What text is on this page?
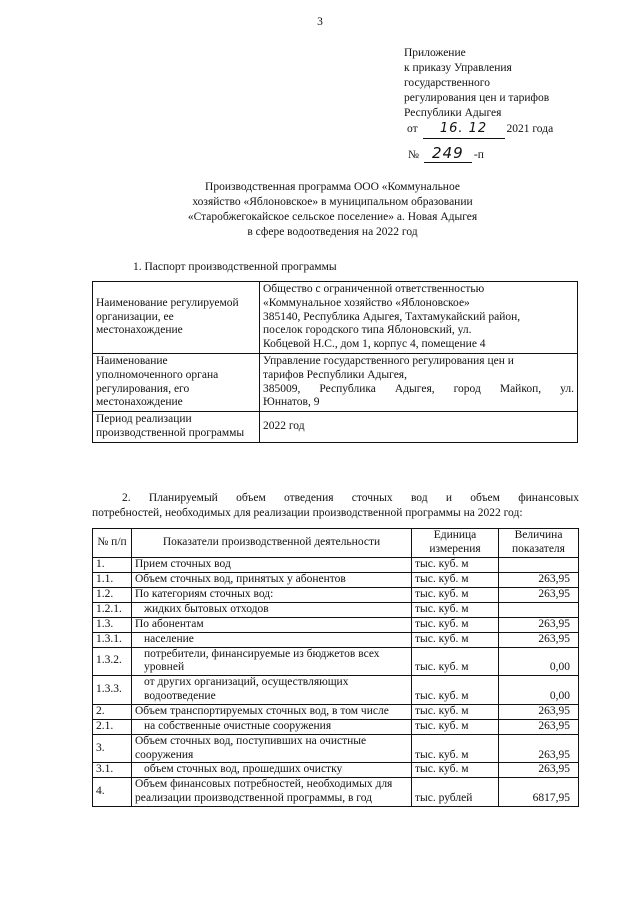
3
Приложение
к приказу Управления
государственного
регулирования цен и тарифов
Республики Адыгея
от 16. 12 2021 года
№ 249 -п
Производственная программа ООО «Коммунальное
хозяйство «Яблоновское» в муниципальном образовании
«Старобжегокайское сельское поселение» а. Новая Адыгея
в сфере водоотведения на 2022 год
1. Паспорт производственной программы
Наименование регулируемой организации, ее местонахождение	Общество с ограниченной ответственностью
«Коммунальное хозяйство «Яблоновское»
385140, Республика Адыгея, Тахтамукайский район,
поселок городского типа Яблоновский, ул.
Кобцевой Н.С., дом 1, корпус 4, помещение 4

Наименование уполномоченного органа регулирования, его местонахождение	Управление государственного регулирования цен и
тарифов Республики Адыгея,
385009, Республика Адыгея, город Майкоп, ул.
Юннатов, 9

Период реализации производственной программы	2022 год
2. Планируемый объем отведения сточных вод и объем финансовых
потребностей, необходимых для реализации производственной программы на 2022 год:
№ п/п	Показатели производственной деятельности	Единица измерения	Величина показателя
1.	Прием сточных вод	тыс. куб. м	
1.1.	Объем сточных вод, принятых у абонентов	тыс. куб. м	263,95
1.2.	По категориям сточных вод:	тыс. куб. м	263,95
1.2.1.	жидких бытовых отходов	тыс. куб. м	
1.3.	По абонентам	тыс. куб. м	263,95
1.3.1.	население	тыс. куб. м	263,95
1.3.2.	потребители, финансируемые из бюджетов всех уровней	тыс. куб. м	0,00
1.3.3.	от других организаций, осуществляющих водоотведение	тыс. куб. м	0,00
2.	Объем транспортируемых сточных вод, в том числе	тыс. куб. м	263,95
2.1.	на собственные очистные сооружения	тыс. куб. м	263,95
3.	Объем сточных вод, поступивших на очистные сооружения	тыс. куб. м	263,95
3.1.	объем сточных вод, прошедших очистку	тыс. куб. м	263,95
4.	Объем финансовых потребностей, необходимых для реализации производственной программы, в год	тыс. рублей	6817,95
